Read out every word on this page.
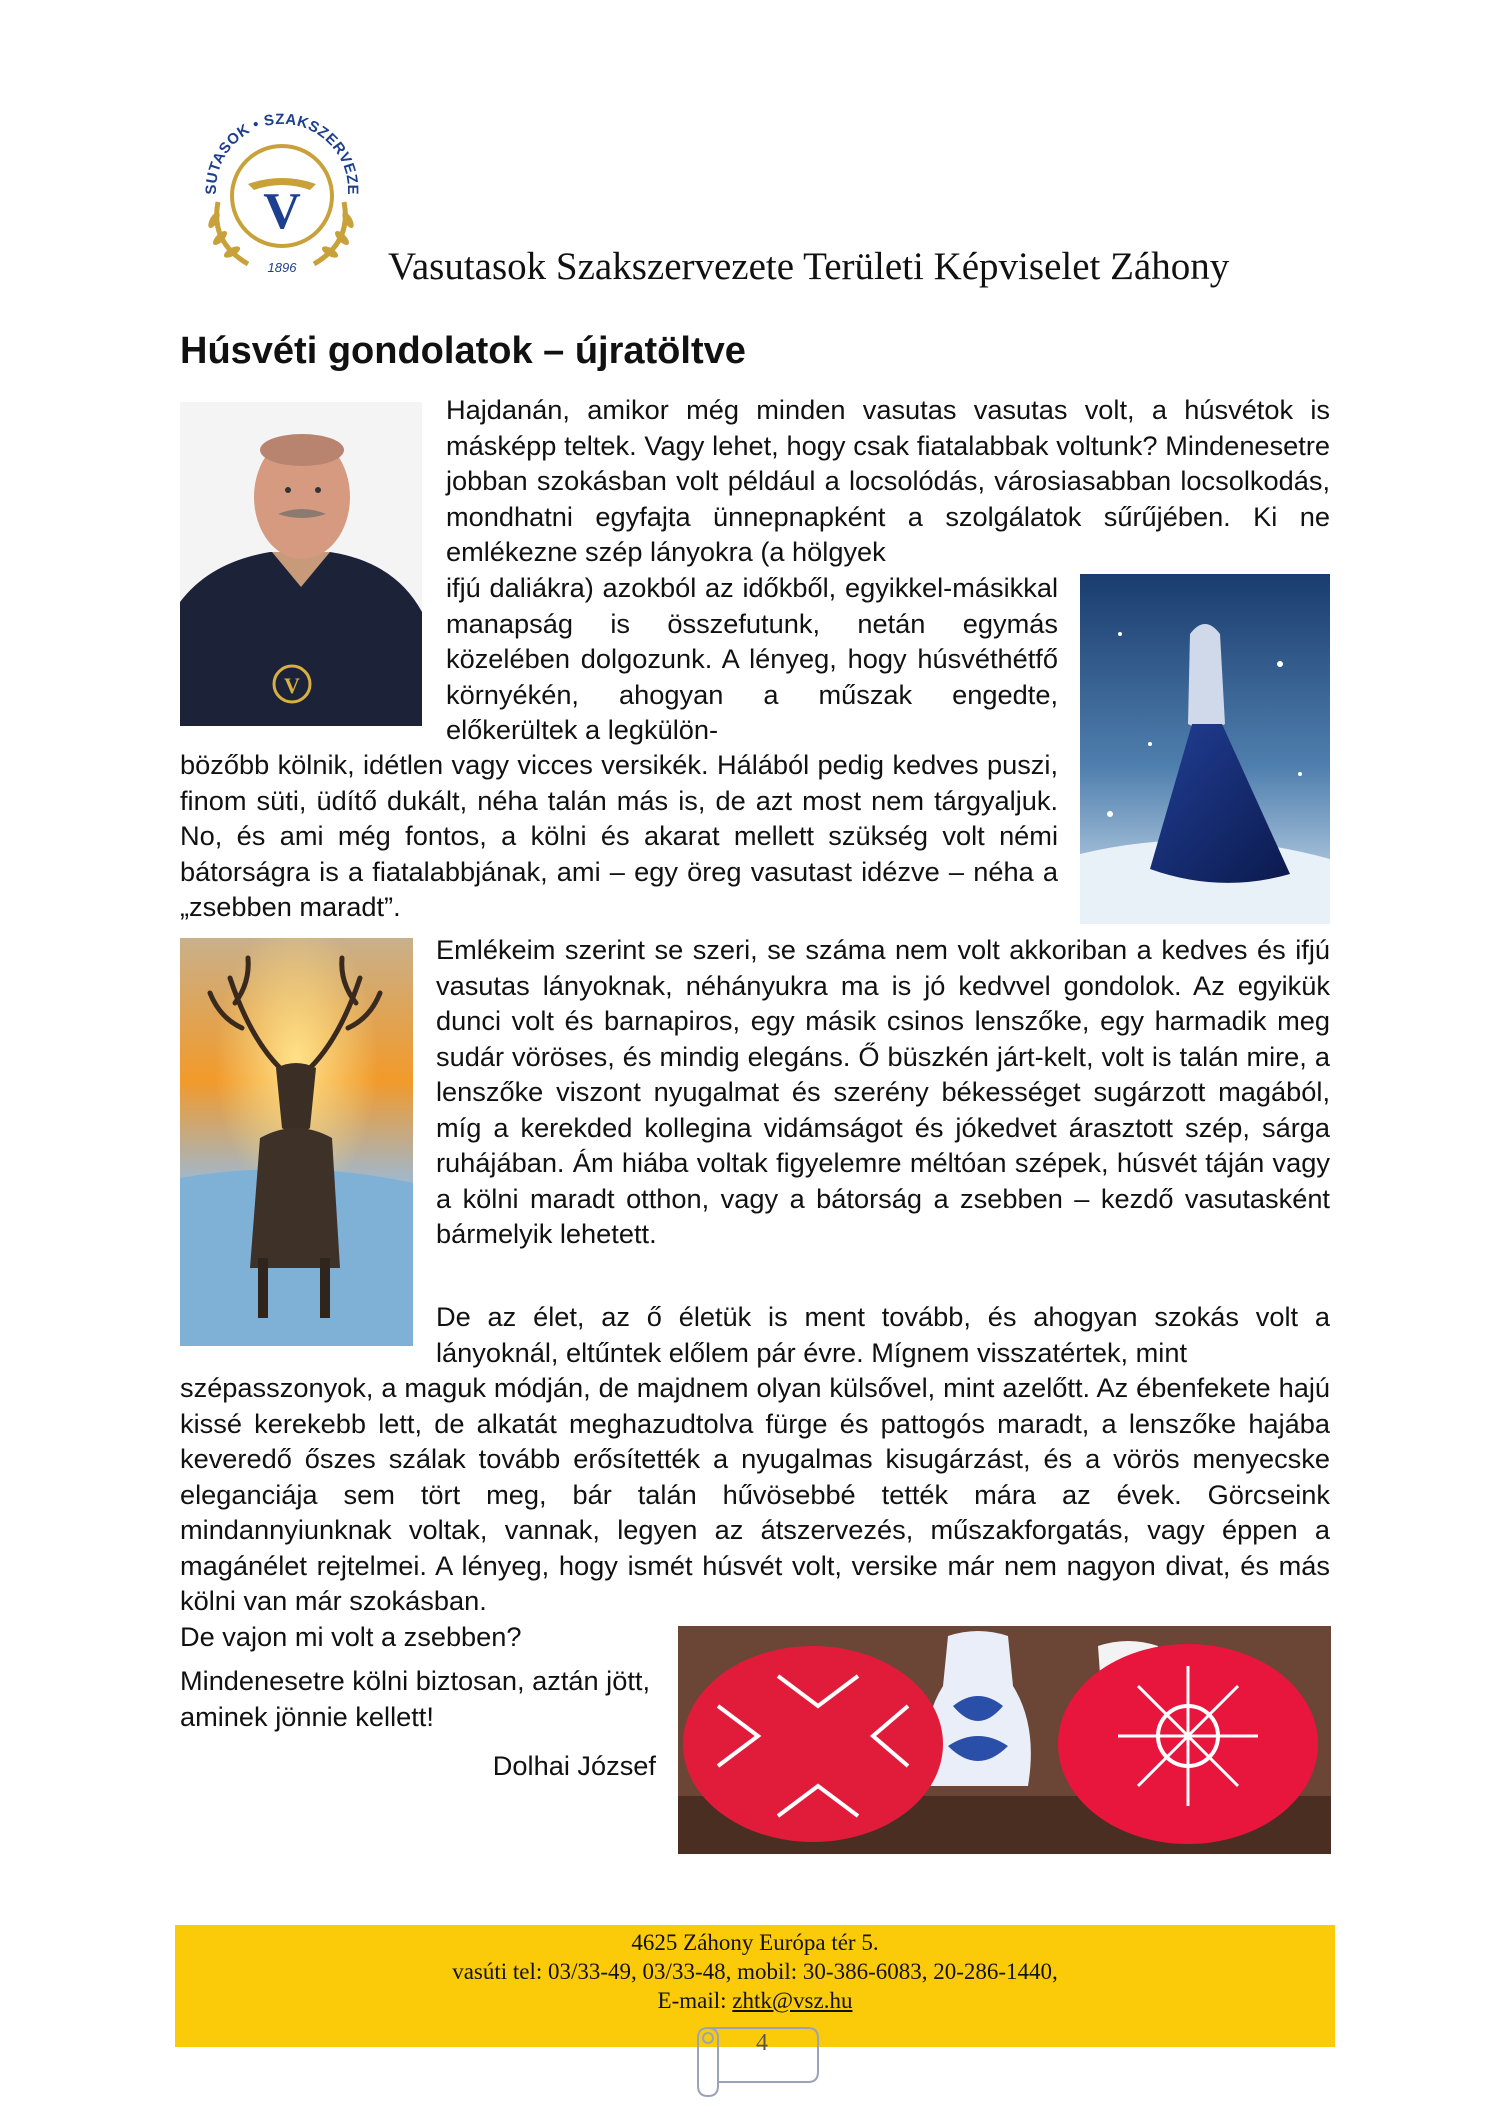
SUTASOK • SZAKSZERVEZE
V
1896 Vasutasok Szakszervezete Területi Képviselet Záhony
Húsvéti gondolatok – újratöltve
V

Hajdanán, amikor még minden vasutas vasutas volt, a húsvétok is másképp teltek. Vagy lehet, hogy csak fiatalabbak voltunk? Mindenesetre jobban szokásban volt például a locsolódás, városiasabban locsolkodás, mondhatni egyfajta ünnepnapként a szolgálatok sűrűjében. Ki ne emlékezne szép lányokra (a hölgyek

ifjú daliákra) azokból az időkből, egyikkel-másikkal manapság is összefutunk, netán egymás közelében dolgozunk. A lényeg, hogy húsvéthétfő környékén, ahogyan a műszak engedte, előkerültek a legkülön-

bözőbb kölnik, idétlen vagy vicces versikék. Hálából pedig kedves puszi, finom süti, üdítő dukált, néha talán más is, de azt most nem tárgyaljuk. No, és ami még fontos, a kölni és akarat mellett szükség volt némi bátorságra is a fiatalabbjának, ami – egy öreg vasutast idézve – néha a „zsebben maradt”.

Emlékeim szerint se szeri, se száma nem volt akkoriban a kedves és ifjú vasutas lányoknak, néhányukra ma is jó kedvvel gondolok. Az egyikük dunci volt és barnapiros, egy másik csinos lenszőke, egy harmadik meg sudár vöröses, és mindig elegáns. Ő büszkén járt-kelt, volt is talán mire, a lenszőke viszont nyugalmat és szerény békességet sugárzott magából, míg a kerekded kollegina vidámságot és jókedvet árasztott szép, sárga ruhájában. Ám hiába voltak figyelemre méltóan szépek, húsvét táján vagy a kölni maradt otthon, vagy a bátorság a zsebben – kezdő vasutasként bármelyik lehetett.

De az élet, az ő életük is ment tovább, és ahogyan szokás volt a lányoknál, eltűntek előlem pár évre. Mígnem visszatértek, mint

szépasszonyok, a maguk módján, de majdnem olyan külsővel, mint azelőtt. Az ébenfekete hajú kissé kerekebb lett, de alkatát meghazudtolva fürge és pattogós maradt, a lenszőke hajába keveredő őszes szálak tovább erősítették a nyugalmas kisugárzást, és a vörös menyecske eleganciája sem tört meg, bár talán hűvösebbé tették mára az évek. Görcseink mindannyiunknak voltak, vannak, legyen az átszervezés, műszakforgatás, vagy éppen a magánélet rejtelmei. A lényeg, hogy ismét húsvét volt, versike már nem nagyon divat, és más kölni van már szokásban.

De vajon mi volt a zsebben?

Mindenesetre kölni biztosan, aztán jött, aminek jönnie kellett!

Dolhai József
4625 Záhony Európa tér 5.
vasúti tel: 03/33-49, 03/33-48, mobil: 30-386-6083, 20-286-1440,
E-mail: zhtk@vsz.hu
4
